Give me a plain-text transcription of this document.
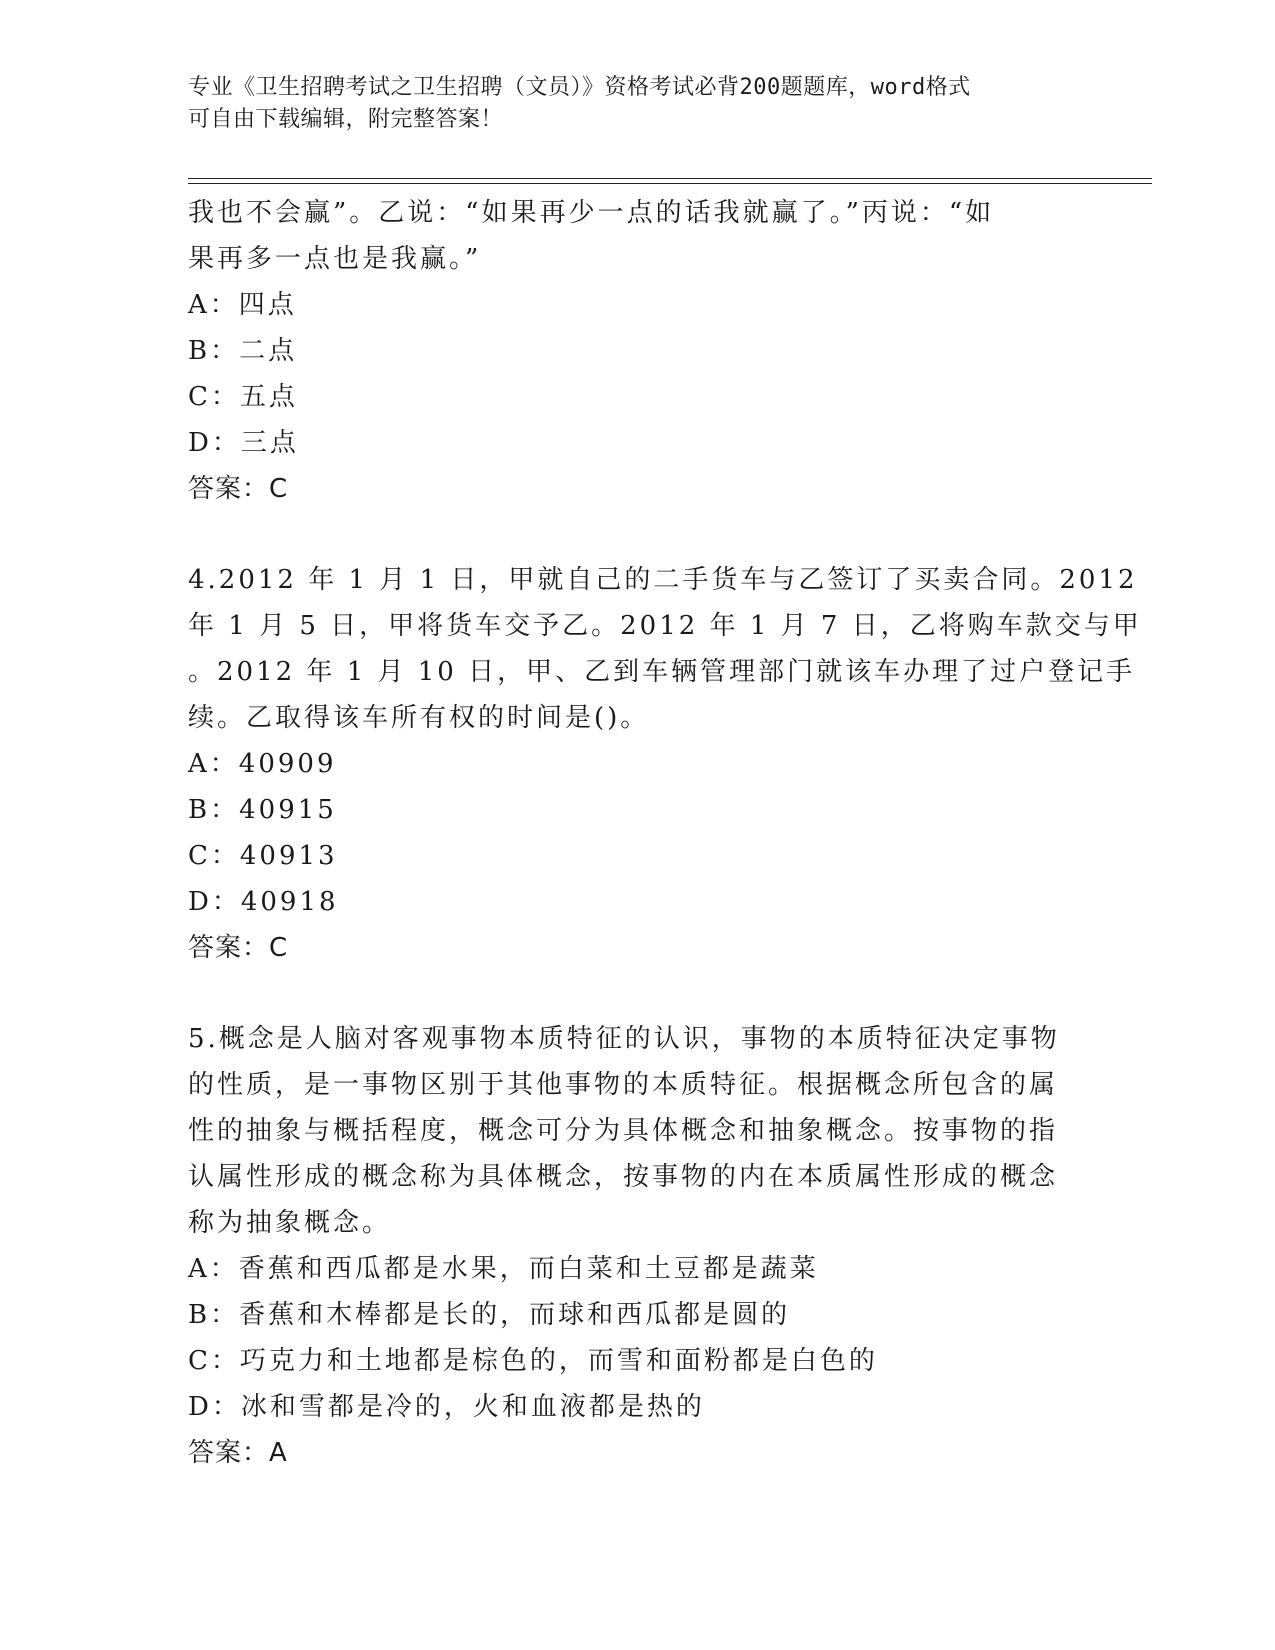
专业《卫生招聘考试之卫生招聘（文员）》资格考试必背200题题库，word格式
可自由下载编辑，附完整答案！
我也不会赢”。乙说：“如果再少一点的话我就赢了。”丙说：“如
果再多一点也是我赢。”
A：四点
B：二点
C：五点
D：三点
答案：C
4.2012 年 1 月 1 日，甲就自己的二手货车与乙签订了买卖合同。2012
年 1 月 5 日，甲将货车交予乙。2012 年 1 月 7 日，乙将购车款交与甲
。2012 年 1 月 10 日，甲、乙到车辆管理部门就该车办理了过户登记手
续。乙取得该车所有权的时间是()。
A：40909
B：40915
C：40913
D：40918
答案：C
5.概念是人脑对客观事物本质特征的认识，事物的本质特征决定事物
的性质，是一事物区别于其他事物的本质特征。根据概念所包含的属
性的抽象与概括程度，概念可分为具体概念和抽象概念。按事物的指
认属性形成的概念称为具体概念，按事物的内在本质属性形成的概念
称为抽象概念。
A：香蕉和西瓜都是水果，而白菜和土豆都是蔬菜
B：香蕉和木棒都是长的，而球和西瓜都是圆的
C：巧克力和土地都是棕色的，而雪和面粉都是白色的
D：冰和雪都是冷的，火和血液都是热的
答案：A
